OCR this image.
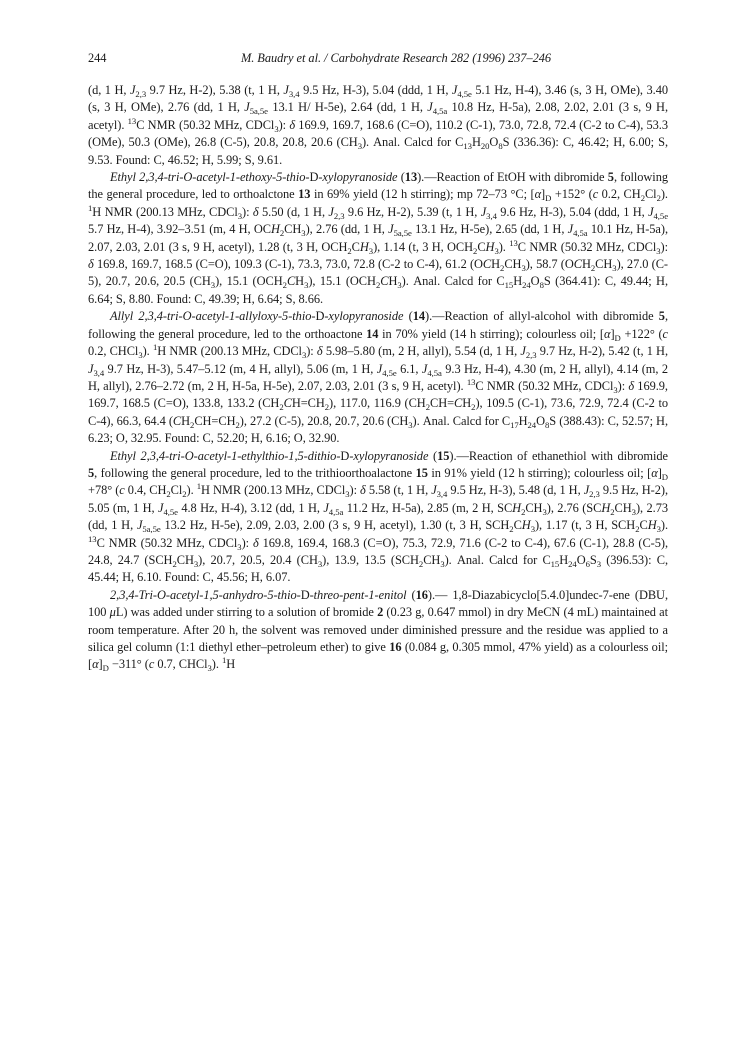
244	M. Baudry et al. / Carbohydrate Research 282 (1996) 237–246

(d, 1 H, $J_{2,3}$ 9.7 Hz, H-2), 5.38 (t, 1 H, $J_{3,4}$ 9.5 Hz, H-3), 5.04 (ddd, 1 H, $J_{4,5e}$ 5.1 Hz, H-4), 3.46 (s, 3 H, OMe), 3.40 (s, 3 H, OMe), 2.76 (dd, 1 H, $J_{5a,5e}$ 13.1 H/ H-5e), 2.64 (dd, 1 H, $J_{4,5a}$ 10.8 Hz, H-5a), 2.08, 2.02, 2.01 (3 s, 9 H, acetyl). $^{13}$C NMR (50.32 MHz, CDCl$_3$): δ 169.9, 169.7, 168.6 (C=O), 110.2 (C-1), 73.0, 72.8, 72.4 (C-2 to C-4), 53.3 (OMe), 50.3 (OMe), 26.8 (C-5), 20.8, 20.8, 20.6 $(CH_3)$. Anal. Calcd for $C_{13}H_{20}O_8S$ (336.36): C, 46.42; H, 6.00; S, 9.53. Found: C, 46.52; H, 5.99; S, 9.61.

Ethyl 2,3,4-tri-O-acetyl-1-ethoxy-5-thio-D-xylopyranoside (13).—Reaction of EtOH with dibromide 5, following the general procedure, led to orthoalctone 13 in 69% yield (12 h stirring); mp 72–73 °C; $[\alpha]_D +152^\circ$ (c 0.2, $CH_2Cl_2$). $^1$H NMR (200.13 MHz, CDCl$_3$): δ 5.50 (d, 1 H, $J_{2,3}$ 9.6 Hz, H-2), 5.39 (t, 1 H, $J_{3,4}$ 9.6 Hz, H-3), 5.04 (ddd, 1 H, $J_{4,5e}$ 5.7 Hz, H-4), 3.92–3.51 (m, 4 H, $OCH_2CH_3$), 2.76 (dd, 1 H, $J_{5a,5e}$ 13.1 Hz, H-5e), 2.65 (dd, 1 H, $J_{4,5a}$ 10.1 Hz, H-5a), 2.07, 2.03, 2.01 (3 s, 9 H, acetyl), 1.28 (t, 3 H, $OCH_2CH_3$), 1.14 (t, 3 H, $OCH_2CH_3$). $^{13}$C NMR (50.32 MHz, CDCl$_3$): δ 169.8, 169.7, 168.5 (C=O), 109.3 (C-1), 73.3, 73.0, 72.8 (C-2 to C-4), 61.2 $(OCH_2CH_3)$, 58.7 $(OCH_2CH_3)$, 27.0 (C-5), 20.7, 20.6, 20.5 $(CH_3)$, 15.1 $(OCH_2CH_3)$, 15.1 $(OCH_2CH_3)$. Anal. Calcd for $C_{15}H_{24}O_8S$ (364.41): C, 49.44; H, 6.64; S, 8.80. Found: C, 49.39; H, 6.64; S, 8.66.

Allyl 2,3,4-tri-O-acetyl-1-allyloxy-5-thio-D-xylopyranoside (14).—Reaction of allyl-alcohol with dibromide 5, following the general procedure, led to the orthoactone 14 in 70% yield (14 h stirring); colourless oil; $[\alpha]_D +122^\circ$ (c 0.2, CHCl$_3$). $^1$H NMR (200.13 MHz, CDCl$_3$): δ 5.98–5.80 (m, 2 H, allyl), 5.54 (d, 1 H, $J_{2,3}$ 9.7 Hz, H-2), 5.42 (t, 1 H, $J_{3,4}$ 9.7 Hz, H-3), 5.47–5.12 (m, 4 H, allyl), 5.06 (m, 1 H, $J_{4,5e}$ 6.1, $J_{4,5a}$ 9.3 Hz, H-4), 4.30 (m, 2 H, allyl), 4.14 (m, 2 H, allyl), 2.76–2.72 (m, 2 H, H-5a, H-5e), 2.07, 2.03, 2.01 (3 s, 9 H, acetyl). $^{13}$C NMR (50.32 MHz, CDCl$_3$): δ 169.9, 169.7, 168.5 (C=O), 133.8, 133.2 $(CH_2CH=CH_2)$, 117.0, 116.9 $(CH_2CH=CH_2)$, 109.5 (C-1), 73.6, 72.9, 72.4 (C-2 to C-4), 66.3, 64.4 $(CH_2CH=CH_2)$, 27.2 (C-5), 20.8, 20.7, 20.6 $(CH_3)$. Anal. Calcd for $C_{17}H_{24}O_8S$ (388.43): C, 52.57; H, 6.23; O, 32.95. Found: C, 52.20; H, 6.16; O, 32.90.

Ethyl 2,3,4-tri-O-acetyl-1-ethylthio-1,5-dithio-D-xylopyranoside (15).—Reaction of ethanethiol with dibromide 5, following the general procedure, led to the trithioorthoalactone 15 in 91% yield (12 h stirring); colourless oil; $[\alpha]_D +78^\circ$ (c 0.4, $CH_2Cl_2$). $^1$H NMR (200.13 MHz, CDCl$_3$): δ 5.58 (t, 1 H, $J_{3,4}$ 9.5 Hz, H-3), 5.48 (d, 1 H, $J_{2,3}$ 9.5 Hz, H-2), 5.05 (m, 1 H, $J_{4,5e}$ 4.8 Hz, H-4), 3.12 (dd, 1 H, $J_{4,5a}$ 11.2 Hz, H-5a), 2.85 (m, 2 H, $SCH_2CH_3$), 2.76 $(SCH_2CH_3)$, 2.73 (dd, 1 H, $J_{5a,5e}$ 13.2 Hz, H-5e), 2.09, 2.03, 2.00 (3 s, 9 H, acetyl), 1.30 (t, 3 H, $SCH_2CH_3$), 1.17 (t, 3 H, $SCH_2CH_3$). $^{13}$C NMR (50.32 MHz, CDCl$_3$): δ 169.8, 169.4, 168.3 (C=O), 75.3, 72.9, 71.6 (C-2 to C-4), 67.6 (C-1), 28.8 (C-5), 24.8, 24.7 $(SCH_2CH_3)$, 20.7, 20.5, 20.4 $(CH_3)$, 13.9, 13.5 $(SCH_2CH_3)$. Anal. Calcd for $C_{15}H_{24}O_6S_3$ (396.53): C, 45.44; H, 6.10. Found: C, 45.56; H, 6.07.

2,3,4-Tri-O-acetyl-1,5-anhydro-5-thio-D-threo-pent-1-enitol (16).— 1,8-Diazabicyclo[5.4.0]undec-7-ene (DBU, 100 μL) was added under stirring to a solution of bromide 2 (0.23 g, 0.647 mmol) in dry MeCN (4 mL) maintained at room temperature. After 20 h, the solvent was removed under diminished pressure and the residue was applied to a silica gel column (1:1 diethyl ether–petroleum ether) to give 16 (0.084 g, 0.305 mmol, 47% yield) as a colourless oil; $[\alpha]_D -311^\circ$ (c 0.7, CHCl$_3$). $^1$H
